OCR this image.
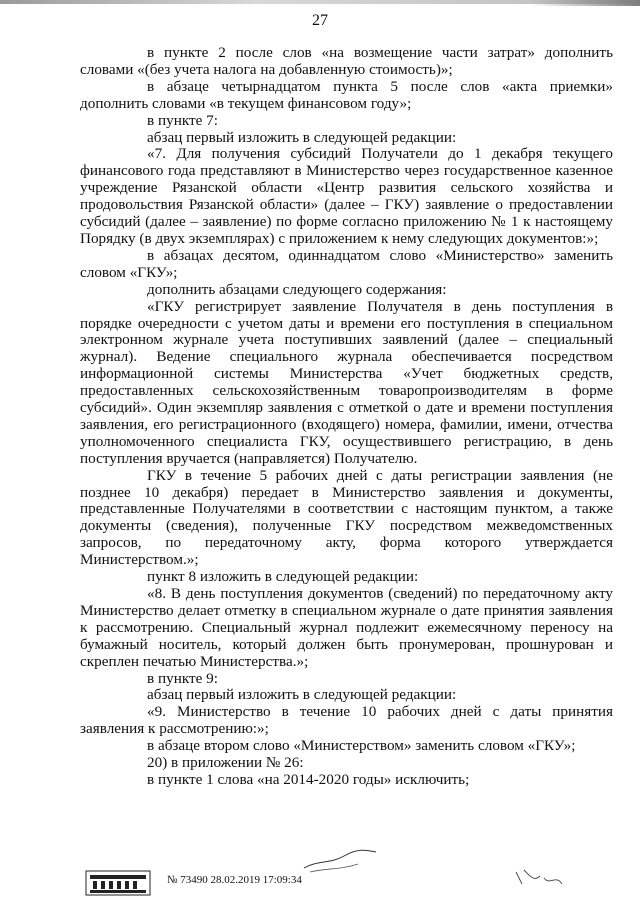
27

в пункте 2 после слов «на возмещение части затрат» дополнить словами «(без учета налога на добавленную стоимость)»;

в абзаце четырнадцатом пункта 5 после слов «акта приемки» дополнить словами «в текущем финансовом году»;

в пункте 7:

абзац первый изложить в следующей редакции:

«7. Для получения субсидий Получатели до 1 декабря текущего финансового года представляют в Министерство через государственное казенное учреждение Рязанской области «Центр развития сельского хозяйства и продовольствия Рязанской области» (далее – ГКУ) заявление о предоставлении субсидий (далее – заявление) по форме согласно приложению № 1 к настоящему Порядку (в двух экземплярах) с приложением к нему следующих документов:»;

в абзацах десятом, одиннадцатом слово «Министерство» заменить словом «ГКУ»;

дополнить абзацами следующего содержания:

«ГКУ регистрирует заявление Получателя в день поступления в порядке очередности с учетом даты и времени его поступления в специальном электронном журнале учета поступивших заявлений (далее – специальный журнал). Ведение специального журнала обеспечивается посредством информационной системы Министерства «Учет бюджетных средств, предоставленных сельскохозяйственным товаропроизводителям в форме субсидий». Один экземпляр заявления с отметкой о дате и времени поступления заявления, его регистрационного (входящего) номера, фамилии, имени, отчества уполномоченного специалиста ГКУ, осуществившего регистрацию, в день поступления вручается (направляется) Получателю.

ГКУ в течение 5 рабочих дней с даты регистрации заявления (не позднее 10 декабря) передает в Министерство заявления и документы, представленные Получателями в соответствии с настоящим пунктом, а также документы (сведения), полученные ГКУ посредством межведомственных запросов, по передаточному акту, форма которого утверждается Министерством.»;

пункт 8 изложить в следующей редакции:

«8. В день поступления документов (сведений) по передаточному акту Министерство делает отметку в специальном журнале о дате принятия заявления к рассмотрению. Специальный журнал подлежит ежемесячному переносу на бумажный носитель, который должен быть пронумерован, прошнурован и скреплен печатью Министерства.»;

в пункте 9:

абзац первый изложить в следующей редакции:

«9. Министерство в течение 10 рабочих дней с даты принятия заявления к рассмотрению:»;

в абзаце втором слово «Министерством» заменить словом «ГКУ»;

20) в приложении № 26:

в пункте 1 слова «на 2014-2020 годы» исключить;

№ 73490 28.02.2019 17:09:34
